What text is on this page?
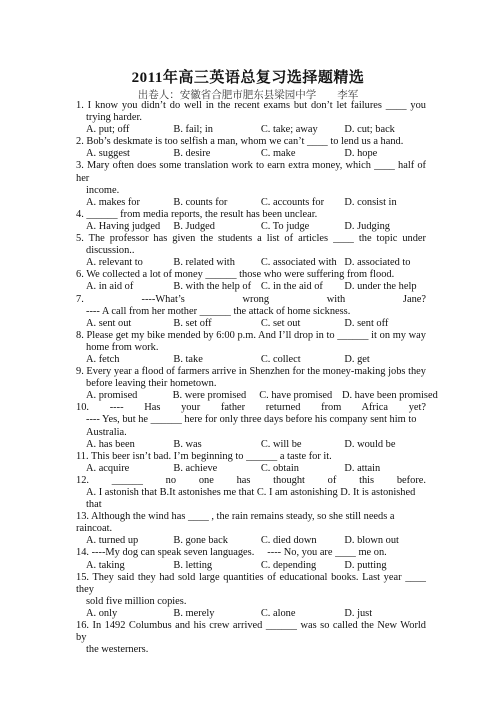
2011年高三英语总复习选择题精选
出卷人：安徽省合肥市肥东县梁园中学　　李军
1. I know you didn’t do well in the recent exams but don’t let failures ____ you
trying harder.
A. put; off	B. fail; in	C. take; away	D. cut; back
2. Bob’s deskmate is too selfish a man, whom we can’t ____ to lend us a hand.
A. suggest	B. desire	C. make	D. hope
3. Mary often does some translation work to earn extra money, which ____ half of her
income.
A. makes for	B. counts for	C. accounts for	D. consist in
4. ______ from media reports, the result has been unclear.
A. Having judged	B. Judged	C. To judge	D. Judging
5. The professor has given the students a list of articles ____ the topic under
discussion..
A. relevant to	B. related with	C. associated with D. associated to
6. We collected a lot of money ______ those who were suffering from flood.
A. in aid of	B. with the help of C. in the aid of	D. under the help
7. ----What’s wrong with Jane?
---- A call from her mother ______ the attack of home sickness.
A. sent out	B. set off	C. set out	D. sent off
8. Please get my bike mended by 6:00 p.m. And I’ll drop in to ______ it on my way
home from work.
A. fetch	B. take	C. collect	D. get
9. Every year a flood of farmers arrive in Shenzhen for the money-making jobs they
before leaving their hometown.
A. promised	B. were promised	C. have promised D. have been promised
10. ---- Has your father returned from Africa yet?
---- Yes, but he ______ here for only three days before his company sent him to
Australia.
A. has been	B. was	C. will be	D. would be
11. This beer isn’t bad. I’m beginning to ______ a taste for it.
A. acquire	B. achieve	C. obtain	D. attain
12. ______ no one has thought of this before.
A. I astonish that B.It astonishes me that C. I am astonishing D. It is astonished that
13. Although the wind has ____ , the rain remains steady, so she still needs a raincoat.
A. turned up	B. gone back	C. died down	D. blown out
14. ----My dog can speak seven languages.　 ---- No, you are ____ me on.
A. taking	B. letting	C. depending	D. putting
15. They said they had sold large quantities of educational books. Last year ____ they
sold five million copies.
A. only	B. merely	C. alone	D. just
16. In 1492 Columbus and his crew arrived ______ was so called the New World by
the westerners.
